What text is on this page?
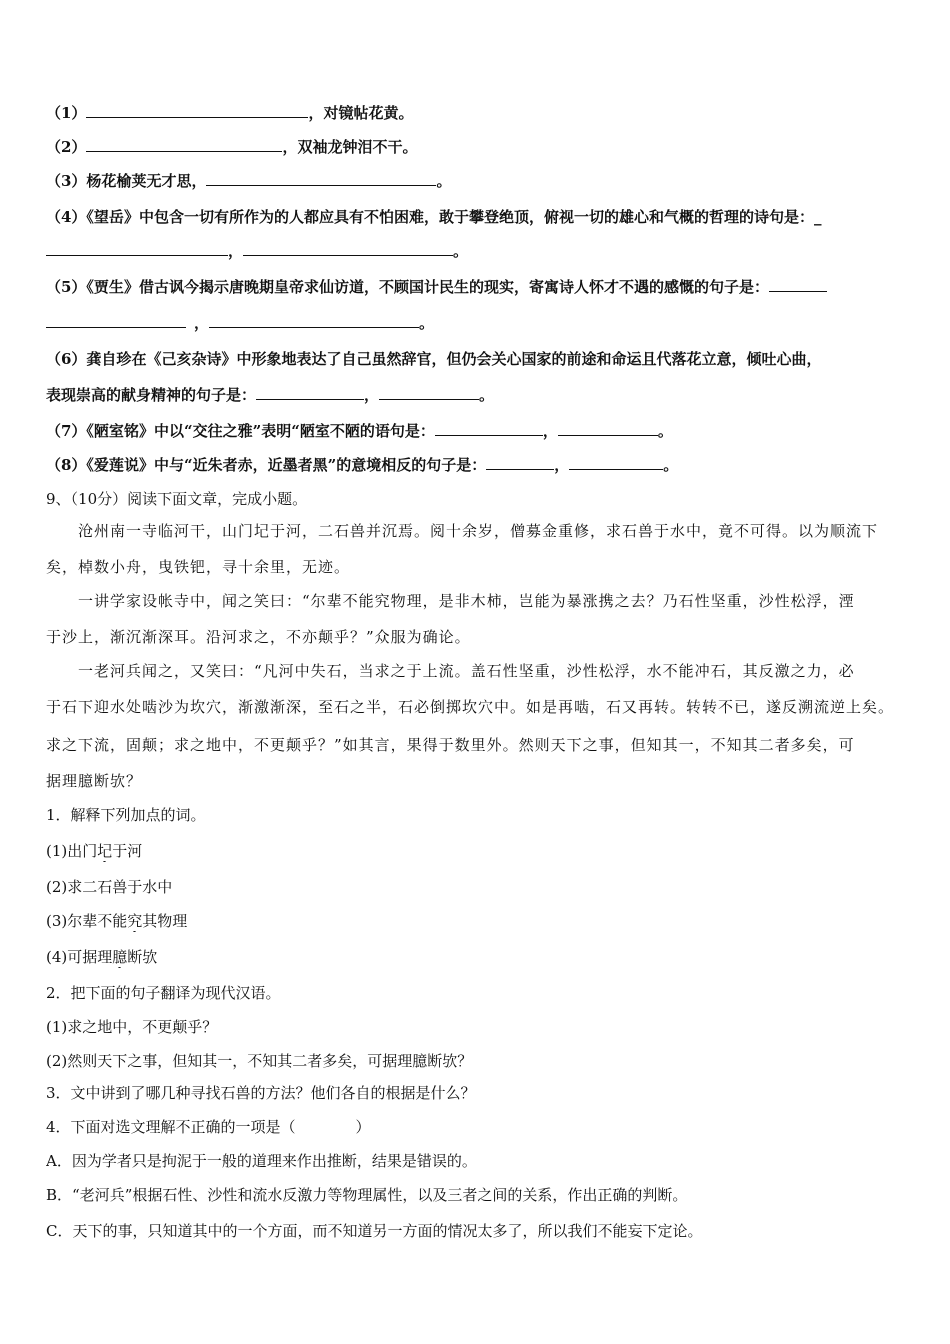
（1）	，对镜帖花黄。
（2）	，双袖龙钟泪不干。
（3）杨花榆荚无才思，	。
（4）《望岳》中包含一切有所作为的人都应具有不怕困难，敢于攀登绝顶，俯视一切的雄心和气概的哲理的诗句是：_
，	。
（5）《贾生》借古讽今揭示唐晚期皇帝求仙访道，不顾国计民生的现实，寄寓诗人怀才不遇的感慨的句子是：
，	。
（6）龚自珍在《己亥杂诗》中形象地表达了自己虽然辞官，但仍会关心国家的前途和命运且代落花立意，倾吐心曲，
表现崇高的献身精神的句子是：	，	。
（7）《陋室铭》中以“交往之雅”表明“陋室不陋的语句是：	，	。
（8）《爱莲说》中与“近朱者赤，近墨者黑”的意境相反的句子是：	，	。
9、（10分）阅读下面文章，完成小题。
沧州南一寺临河干，山门圮于河，二石兽并沉焉。阅十余岁，僧募金重修，求石兽于水中，竟不可得。以为顺流下
矣，棹数小舟，曳铁钯，寻十余里，无迹。
一讲学家设帐寺中，闻之笑曰：“尔辈不能究物理，是非木柿，岂能为暴涨携之去？乃石性坚重，沙性松浮，湮
于沙上，渐沉渐深耳。沿河求之，不亦颠乎？”众服为确论。
一老河兵闻之，又笑曰：“凡河中失石，当求之于上流。盖石性坚重，沙性松浮，水不能冲石，其反激之力，必
于石下迎水处啮沙为坎穴，渐激渐深，至石之半，石必倒掷坎穴中。如是再啮，石又再转。转转不已，遂反溯流逆上矣。
求之下流，固颠；求之地中，不更颠乎？”如其言，果得于数里外。然则天下之事，但知其一，不知其二者多矣，可
据理臆断欤？
1．解释下列加点的词。
(1)出门圮于河
(2)求二石兽于水中
(3)尔辈不能究其物理
(4)可据理臆断欤
2．把下面的句子翻译为现代汉语。
(1)求之地中，不更颠乎？
(2)然则天下之事，但知其一，不知其二者多矣，可据理臆断欤？
3．文中讲到了哪几种寻找石兽的方法？他们各自的根据是什么？
4．下面对选文理解不正确的一项是（　　　　）
A．因为学者只是拘泥于一般的道理来作出推断，结果是错误的。
B．“老河兵”根据石性、沙性和流水反激力等物理属性，以及三者之间的关系，作出正确的判断。
C．天下的事，只知道其中的一个方面，而不知道另一方面的情况太多了，所以我们不能妄下定论。
